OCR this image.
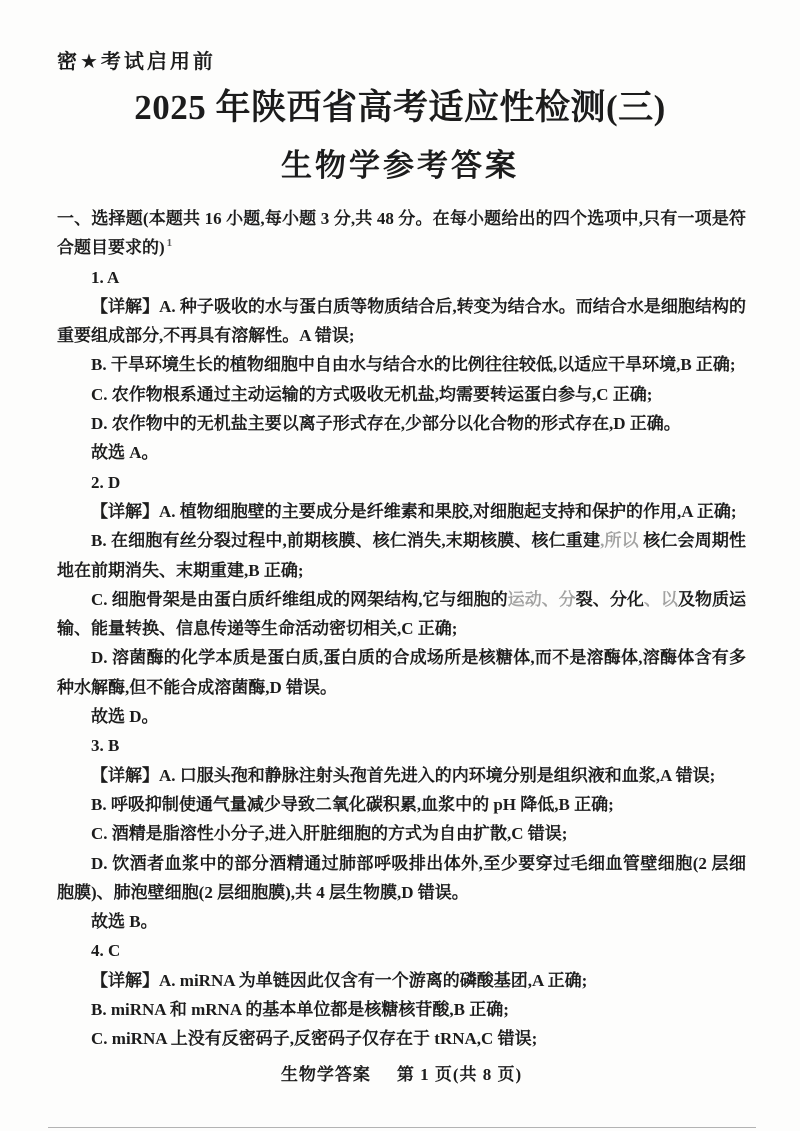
密★考试启用前
2025 年陕西省高考适应性检测(三)
生物学参考答案

一、选择题(本题共 16 小题,每小题 3 分,共 48 分。在每小题给出的四个选项中,只有一项是符合题目要求的) $^1$

1. A

【详解】A. 种子吸收的水与蛋白质等物质结合后,转变为结合水。而结合水是细胞结构的重要组成部分,不再具有溶解性。A 错误;

B. 干旱环境生长的植物细胞中自由水与结合水的比例往往较低,以适应干旱环境,B 正确;

C. 农作物根系通过主动运输的方式吸收无机盐,均需要转运蛋白参与,C 正确;

D. 农作物中的无机盐主要以离子形式存在,少部分以化合物的形式存在,D 正确。

故选 A。

2. D

【详解】A. 植物细胞壁的主要成分是纤维素和果胶,对细胞起支持和保护的作用,A 正确;

B. 在细胞有丝分裂过程中,前期核膜、核仁消失,末期核膜、核仁重建,所以 核仁会周期性地在前期消失、末期重建,B 正确;

C. 细胞骨架是由蛋白质纤维组成的网架结构,它与细胞的运动、分裂、分化、以及物质运输、能量转换、信息传递等生命活动密切相关,C 正确;

D. 溶菌酶的化学本质是蛋白质,蛋白质的合成场所是核糖体,而不是溶酶体,溶酶体含有多种水解酶,但不能合成溶菌酶,D 错误。

故选 D。

3. B

【详解】A. 口服头孢和静脉注射头孢首先进入的内环境分别是组织液和血浆,A 错误;

B. 呼吸抑制使通气量减少导致二氧化碳积累,血浆中的 pH 降低,B 正确;

C. 酒精是脂溶性小分子,进入肝脏细胞的方式为自由扩散,C 错误;

D. 饮酒者血浆中的部分酒精通过肺部呼吸排出体外,至少要穿过毛细血管壁细胞(2 层细胞膜)、肺泡壁细胞(2 层细胞膜),共 4 层生物膜,D 错误。

故选 B。

4. C

【详解】A. miRNA 为单链因此仅含有一个游离的磷酸基团,A 正确;

B. miRNA 和 mRNA 的基本单位都是核糖核苷酸,B 正确;

C. miRNA 上没有反密码子,反密码子仅存在于 tRNA,C 错误;

生物学答案 第 1 页(共 8 页)
